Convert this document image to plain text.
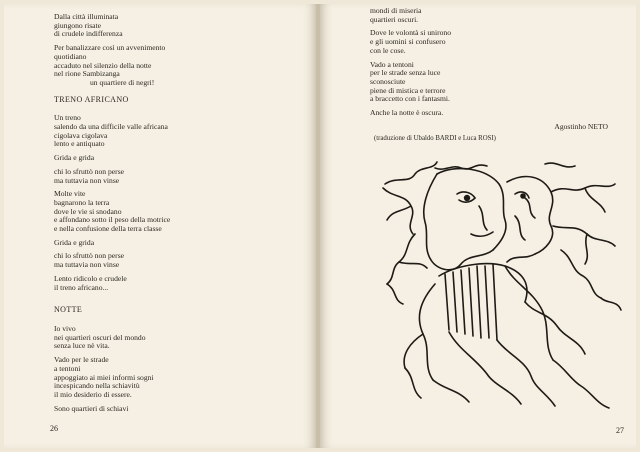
Dalla città illuminata
giungono risate
di crudele indifferenza
Per banalizzare così un avvenimento
quotidiano
accaduto nel silenzio della notte
nel rione Sambizanga
un quartiere di negri!
TRENO AFRICANO
Un treno
salendo da una difficile valle africana
cigolava cigolava
lento e antiquato
Grida e grida
chi lo sfruttò non perse
ma tuttavia non vinse
Molte vite
bagnarono la terra
dove le vie si snodano
e affondano sotto il peso della motrice
e nella confusione della terra classe
Grida e grida
chi lo sfruttò non perse
ma tuttavia non vinse
Lento ridicolo e crudele
il treno africano...
NOTTE
Io vivo
nei quartieri oscuri del mondo
senza luce nè vita.
Vado per le strade
a tentoni
appoggiato ai miei informi sogni
incespicando nella schiavitù
il mio desiderio di essere.
Sono quartieri di schiavi
26
mondi di miseria
quartieri oscuri.
Dove le volontà si unirono
e gli uomini si confusero
con le cose.
Vado a tentoni
per le strade senza luce
sconosciute
piene di mistica e terrore
a braccetto con i fantasmi.
Anche la notte è oscura.
Agostinho NETO
(traduzione di Ubaldo BARDI e Luca ROSI)
27
